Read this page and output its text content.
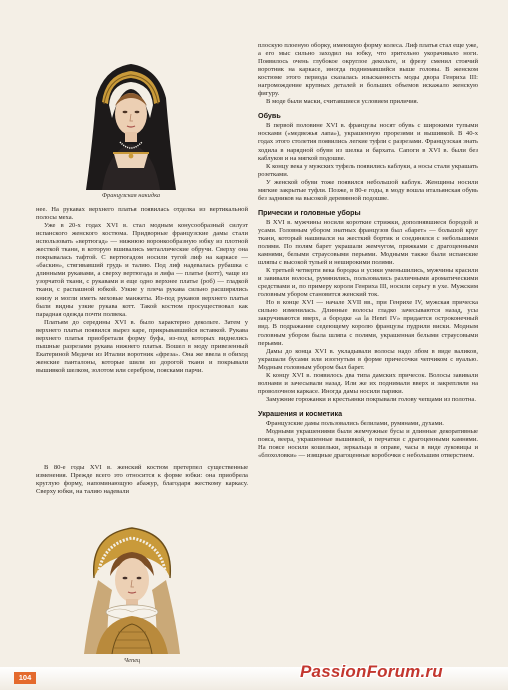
Французская накидка

нее. На рукавах верхнего платья появилась отделка из вертикальной полосы меха.

Уже в 20-х годах XVI в. стал модным конусообразный силуэт испанского женского костюма. Придворные французские дамы стали использовать «вертюгад» — нижнюю воронкообразную юбку из плотной жесткой ткани, в которую вшивались металлические обручи. Сверху она покрывалась тафтой. С вертюгадом носили тугой лиф на каркасе — «баскин», стягивавший грудь и талию. Под лиф надевалась рубашка с длинными рукавами, а сверху вертюгада и лифа — платье (котт), чаще из узорчатой ткани, с рукавами и еще одно верхнее платье (роб) — гладкой ткани, с распашной юбкой. Узкие у плеча рукава сильно расширялись книзу и могли иметь меховые манжеты. Из-под рукавов верхнего платья были видны узкие рукава котт. Такой костюм просуществовал как парадная одежда почти полвека.

Платьям до середины XVI в. было характерно декольте. Затем у верхнего платья появился вырез каре, прикрывавшийся вставкой. Рукава верхнего платья приобретали форму буфа, из-под которых виднелись пышные разрезами рукава нижнего платья. Вошел в моду привезенный Екатериной Медичи из Италии воротник «фреза». Она же ввела в обиход женские панталоны, которые шили из дорогой ткани и покрывали вышивкой шелком, золотом или серебром, поясками парчи.

В 80-е годы XVI в. женский костюм претерпел существенные изменения. Прежде всего это относится к форме юбки: она приобрела круглую форму, напоминающую абажур, благодаря жесткому каркасу. Сверху юбки, на талию надевали

Чепец

плоскую плоеную оборку, имеющую форму колеса. Лиф платья стал еще уже, а его мыс сильно заходил на юбку, что зрительно укорачивало ноги. Появилось очень глубокое округлое декольте, и фрезу сменил стоячий воротник на каркасе, иногда поднимавшийся выше головы. В женском костюме этого периода сказалась изысканность моды двора Генриха III: нагромождение крупных деталей и больших объемов искажало женскую фигуру.

В моде были маски, считавшиеся условием приличия.

Обувь

В первой половине XVI в. французы носят обувь с широкими тупыми носками («медвежья лапа»), украшенную прорезями и вышивкой. В 40-х годах этого столетия появились легкие туфли с разрезами. Французская знать ходила в нарядной обуви из шелка и бархата. Сапоги в XVI в. были без каблуков и на мягкой подошве.

К концу века у мужских туфель появились каблуки, а носы стали украшать розетками.

У женской обуви тоже появился небольшой каблук. Женщины носили мягкие закрытые туфли. Позже, в 80-е годы, в моду вошла итальянская обувь без задников на высокой деревянной подошве.

Прически и головные уборы

В XVI в. мужчины носили короткие стрижки, дополнявшиеся бородой и усами. Головным убором знатных французов был «барет» — большой круг ткани, который нашивался на жесткий бортик и соединялся с небольшими полями. По полям барет украшали жемчугом, пряжками с драгоценными камнями, белыми страусовыми перьями. Модными также были испанские шляпы с высокой тульей и неширокими полями.

К третьей четверти века бородка и усики уменьшились, мужчины красили и завивали волосы, румянились, пользовались различными ароматическими средствами и, по примеру короля Генриха III, носили серьгу в ухе. Мужским головным убором становится женский ток.

Но в конце XVI — начале XVII вв., при Генрихе IV, мужская прическа сильно изменилась. Длинные волосы гладко зачесываются назад, усы закручиваются вверх, а бородке «а la Henri IV» придается остроконечный вид. В подражание седеющему королю французы пудрили виски. Модным головным убором была шляпа с полями, украшенная белыми страусовыми перьями.

Дамы до конца XVI в. укладывали волосы надо лбом в виде валиков, украшали бусами или изогнутым в форме причесочки чепчиком с вуалью. Модным головным убором был барет.

К концу XVI в. появилось два типа дамских причесок. Волосы завивали волнами и зачесывали назад. Или же их поднимали вверх и закрепляли на проволочном каркасе. Иногда дамы носили парики.

Замужние горожанки и крестьянки покрывали голову чепцами из полотна.

Украшения и косметика

Французские дамы пользовались белилами, румянами, духами.

Модными украшениями были жемчужные бусы и длинные декоративные пояса, веера, украшенные вышивкой, и перчатки с драгоценными камнями. На поясе носили кошельки, зеркальца в оправе, часы в виде луковицы и «блохоловки» — изящные драгоценные коробочки с небольшим отверстием.

104	PassionForum.ru
